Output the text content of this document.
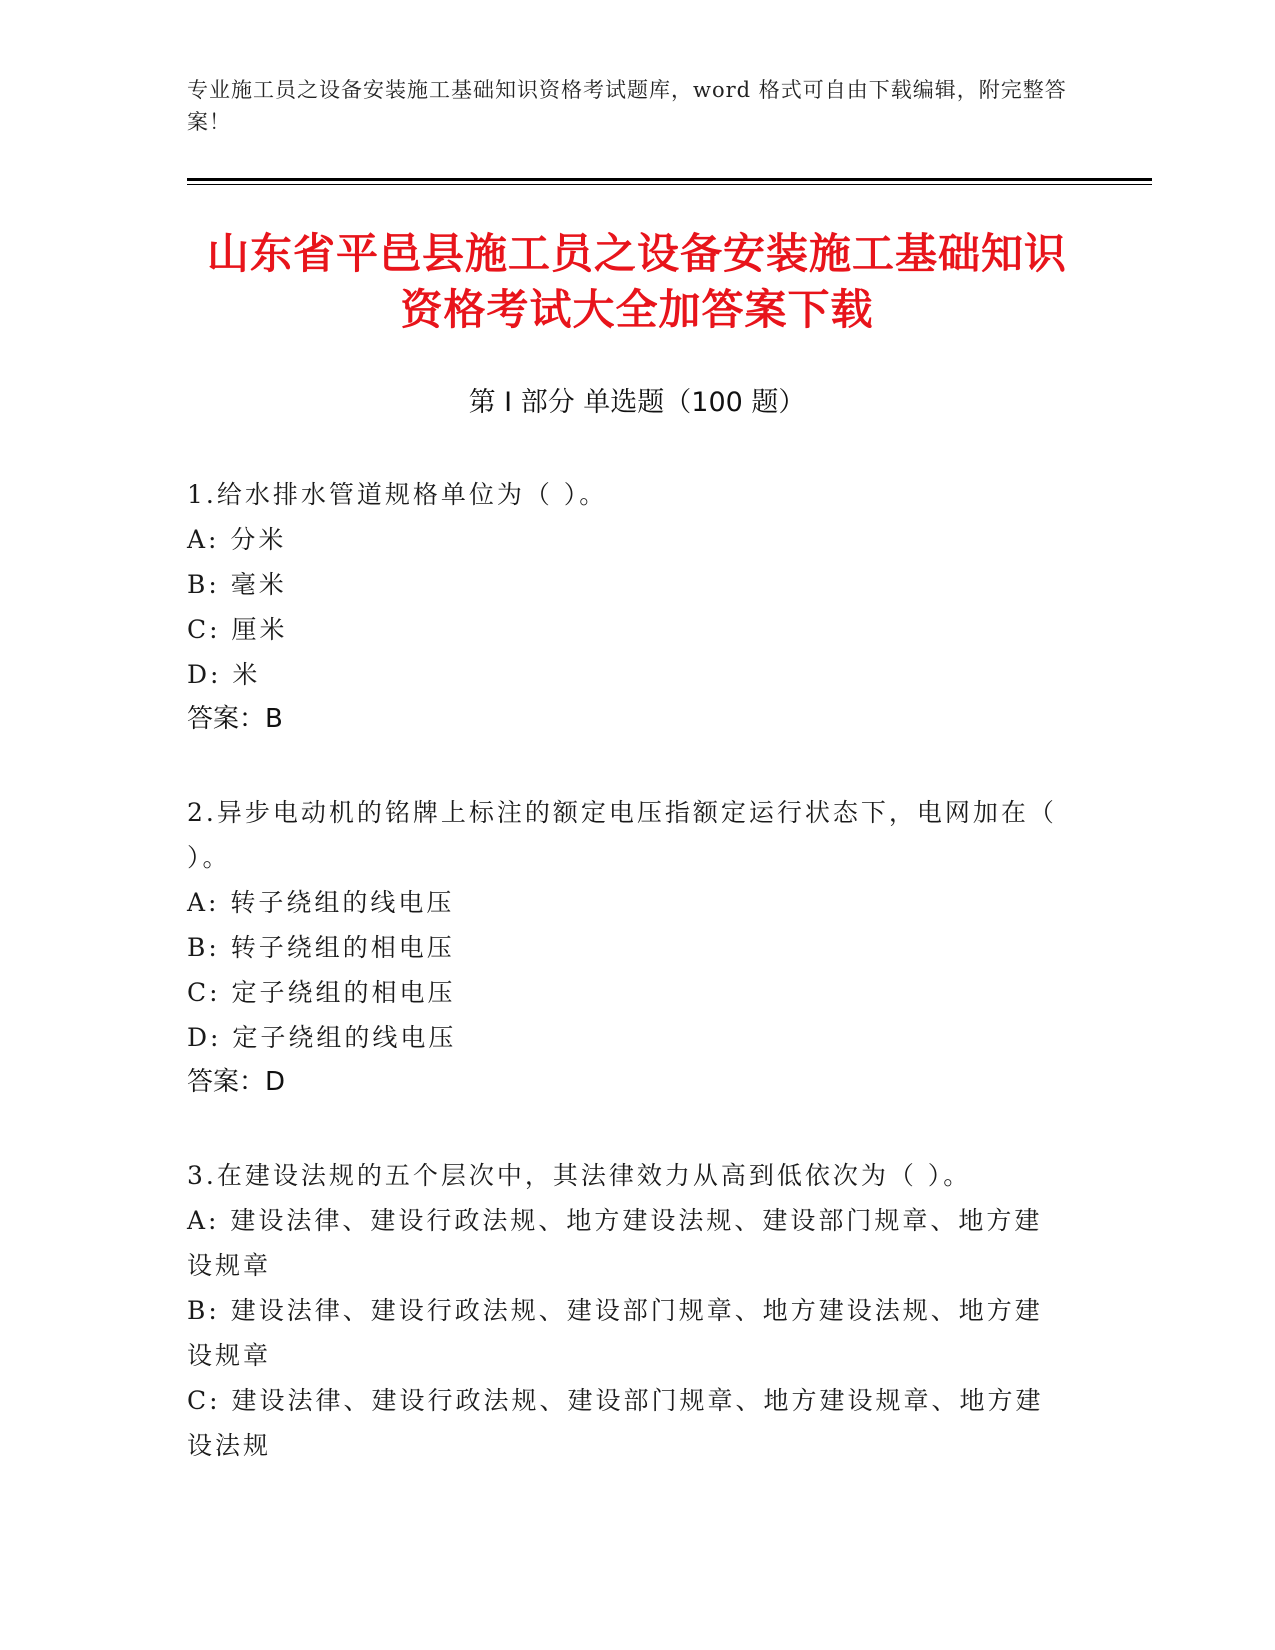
专业施工员之设备安装施工基础知识资格考试题库，word 格式可自由下载编辑，附完整答案！
山东省平邑县施工员之设备安装施工基础知识资格考试大全加答案下载
第 I 部分 单选题（100 题）
1.给水排水管道规格单位为（ ）。
A: 分米
B: 毫米
C: 厘米
D: 米
答案：B
2.异步电动机的铭牌上标注的额定电压指额定运行状态下，电网加在（ ）。
A: 转子绕组的线电压
B: 转子绕组的相电压
C: 定子绕组的相电压
D: 定子绕组的线电压
答案：D
3.在建设法规的五个层次中，其法律效力从高到低依次为（ ）。
A: 建设法律、建设行政法规、地方建设法规、建设部门规章、地方建设规章
B: 建设法律、建设行政法规、建设部门规章、地方建设法规、地方建设规章
C: 建设法律、建设行政法规、建设部门规章、地方建设规章、地方建设法规
